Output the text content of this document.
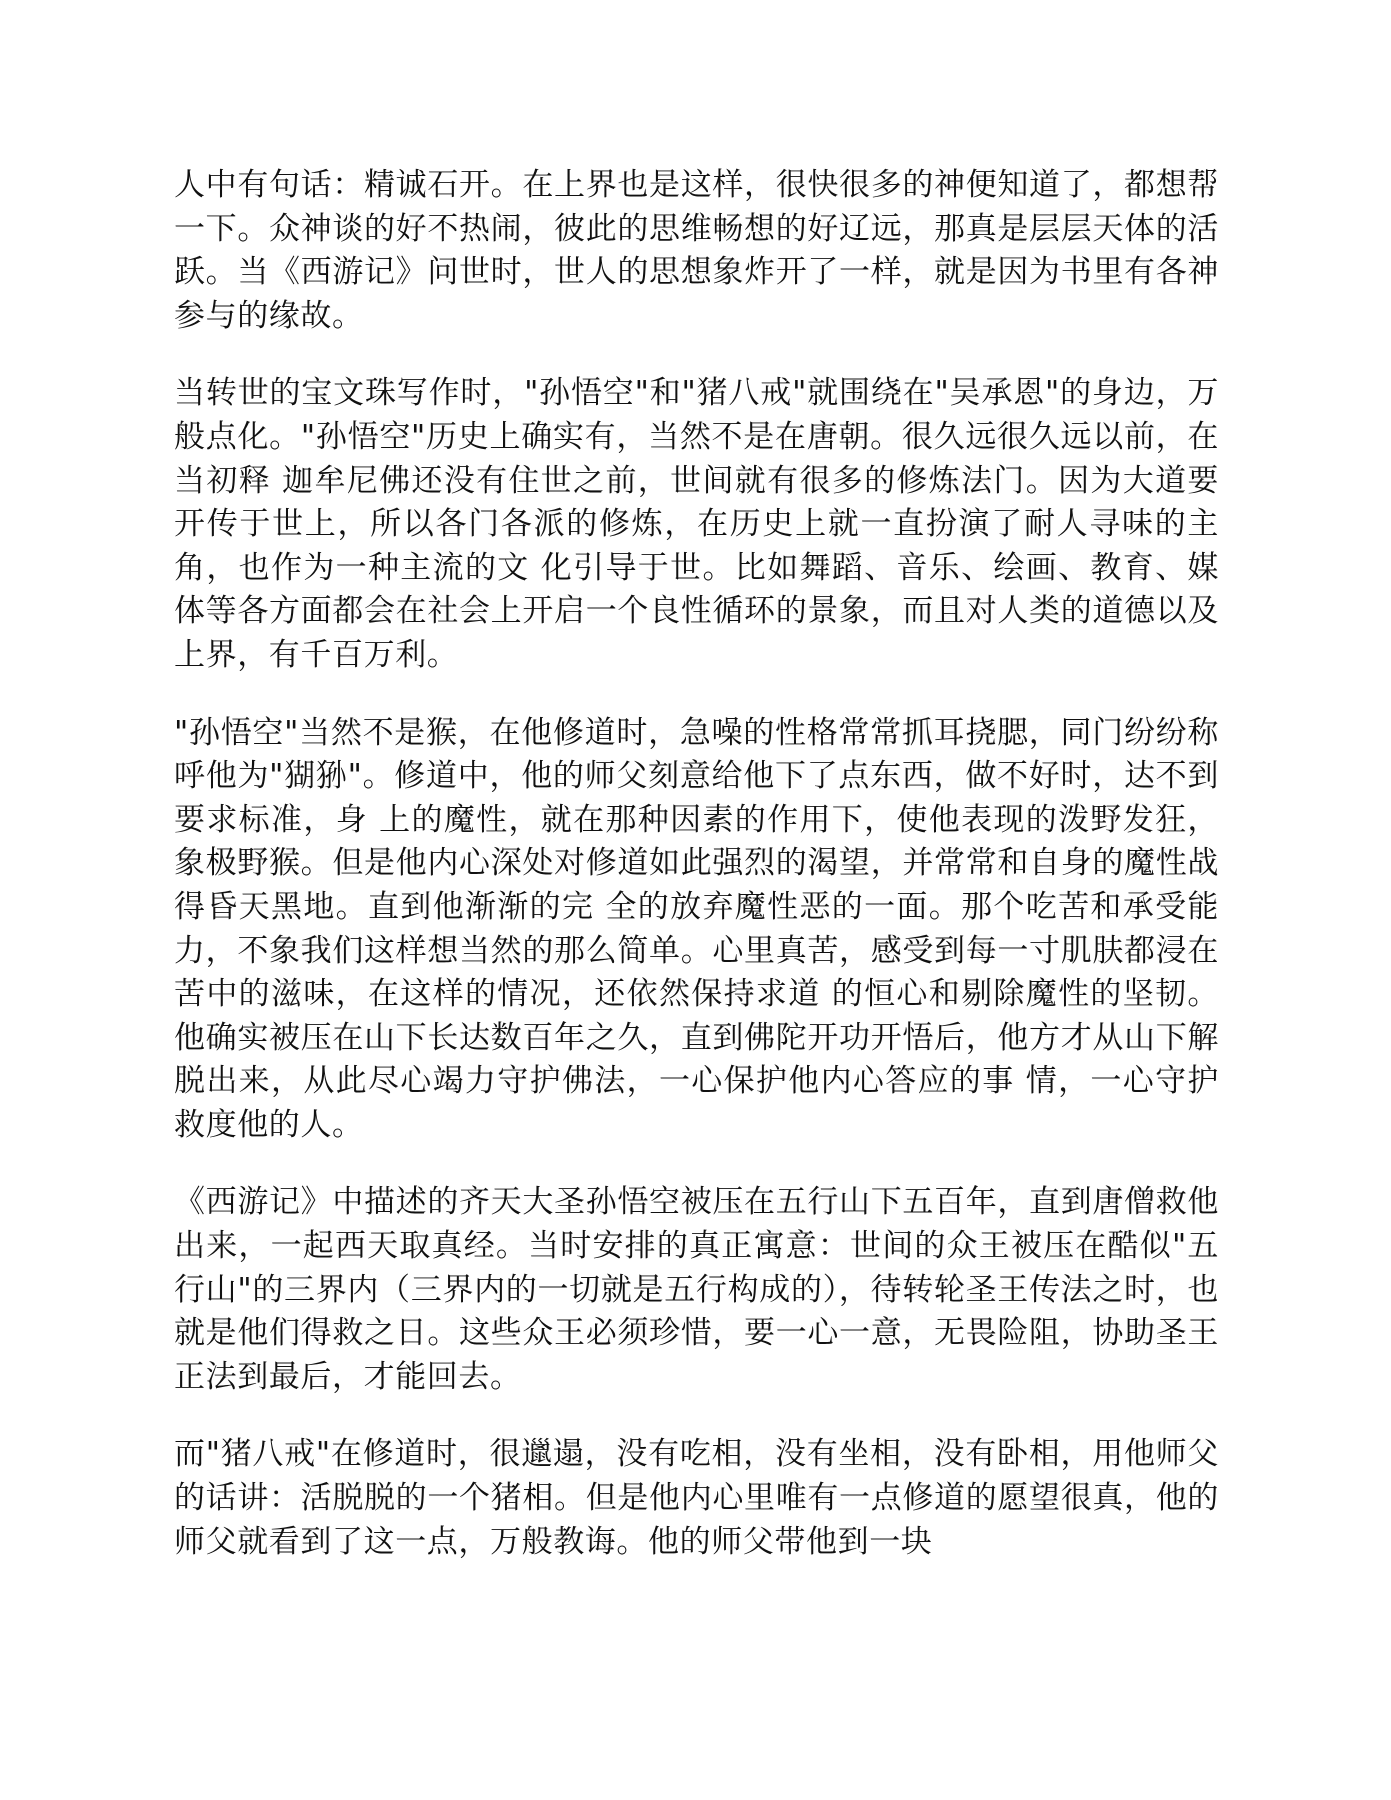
人中有句话：精诚石开。在上界也是这样，很快很多的神便知道了，都想帮一下。众神谈的好不热闹，彼此的思维畅想的好辽远，那真是层层天体的活跃。当《西游记》问世时，世人的思想象炸开了一样，就是因为书里有各神参与的缘故。

当转世的宝文珠写作时，"孙悟空"和"猪八戒"就围绕在"吴承恩"的身边，万般点化。"孙悟空"历史上确实有，当然不是在唐朝。很久远很久远以前，在当初释 迦牟尼佛还没有住世之前，世间就有很多的修炼法门。因为大道要开传于世上，所以各门各派的修炼，在历史上就一直扮演了耐人寻味的主角，也作为一种主流的文 化引导于世。比如舞蹈、音乐、绘画、教育、媒体等各方面都会在社会上开启一个良性循环的景象，而且对人类的道德以及上界，有千百万利。

"孙悟空"当然不是猴，在他修道时，急噪的性格常常抓耳挠腮，同门纷纷称呼他为"猢狲"。修道中，他的师父刻意给他下了点东西，做不好时，达不到要求标准，身 上的魔性，就在那种因素的作用下，使他表现的泼野发狂，象极野猴。但是他内心深处对修道如此强烈的渴望，并常常和自身的魔性战得昏天黑地。直到他渐渐的完 全的放弃魔性恶的一面。那个吃苦和承受能力，不象我们这样想当然的那么简单。心里真苦，感受到每一寸肌肤都浸在苦中的滋味，在这样的情况，还依然保持求道 的恒心和剔除魔性的坚韧。他确实被压在山下长达数百年之久，直到佛陀开功开悟后，他方才从山下解脱出来，从此尽心竭力守护佛法，一心保护他内心答应的事 情，一心守护救度他的人。

《西游记》中描述的齐天大圣孙悟空被压在五行山下五百年，直到唐僧救他出来，一起西天取真经。当时安排的真正寓意：世间的众王被压在酷似"五行山"的三界内（三界内的一切就是五行构成的），待转轮圣王传法之时，也就是他们得救之日。这些众王必须珍惜，要一心一意，无畏险阻，协助圣王正法到最后，才能回去。

而"猪八戒"在修道时，很邋遢，没有吃相，没有坐相，没有卧相，用他师父的话讲：活脱脱的一个猪相。但是他内心里唯有一点修道的愿望很真，他的师父就看到了这一点，万般教诲。他的师父带他到一块
